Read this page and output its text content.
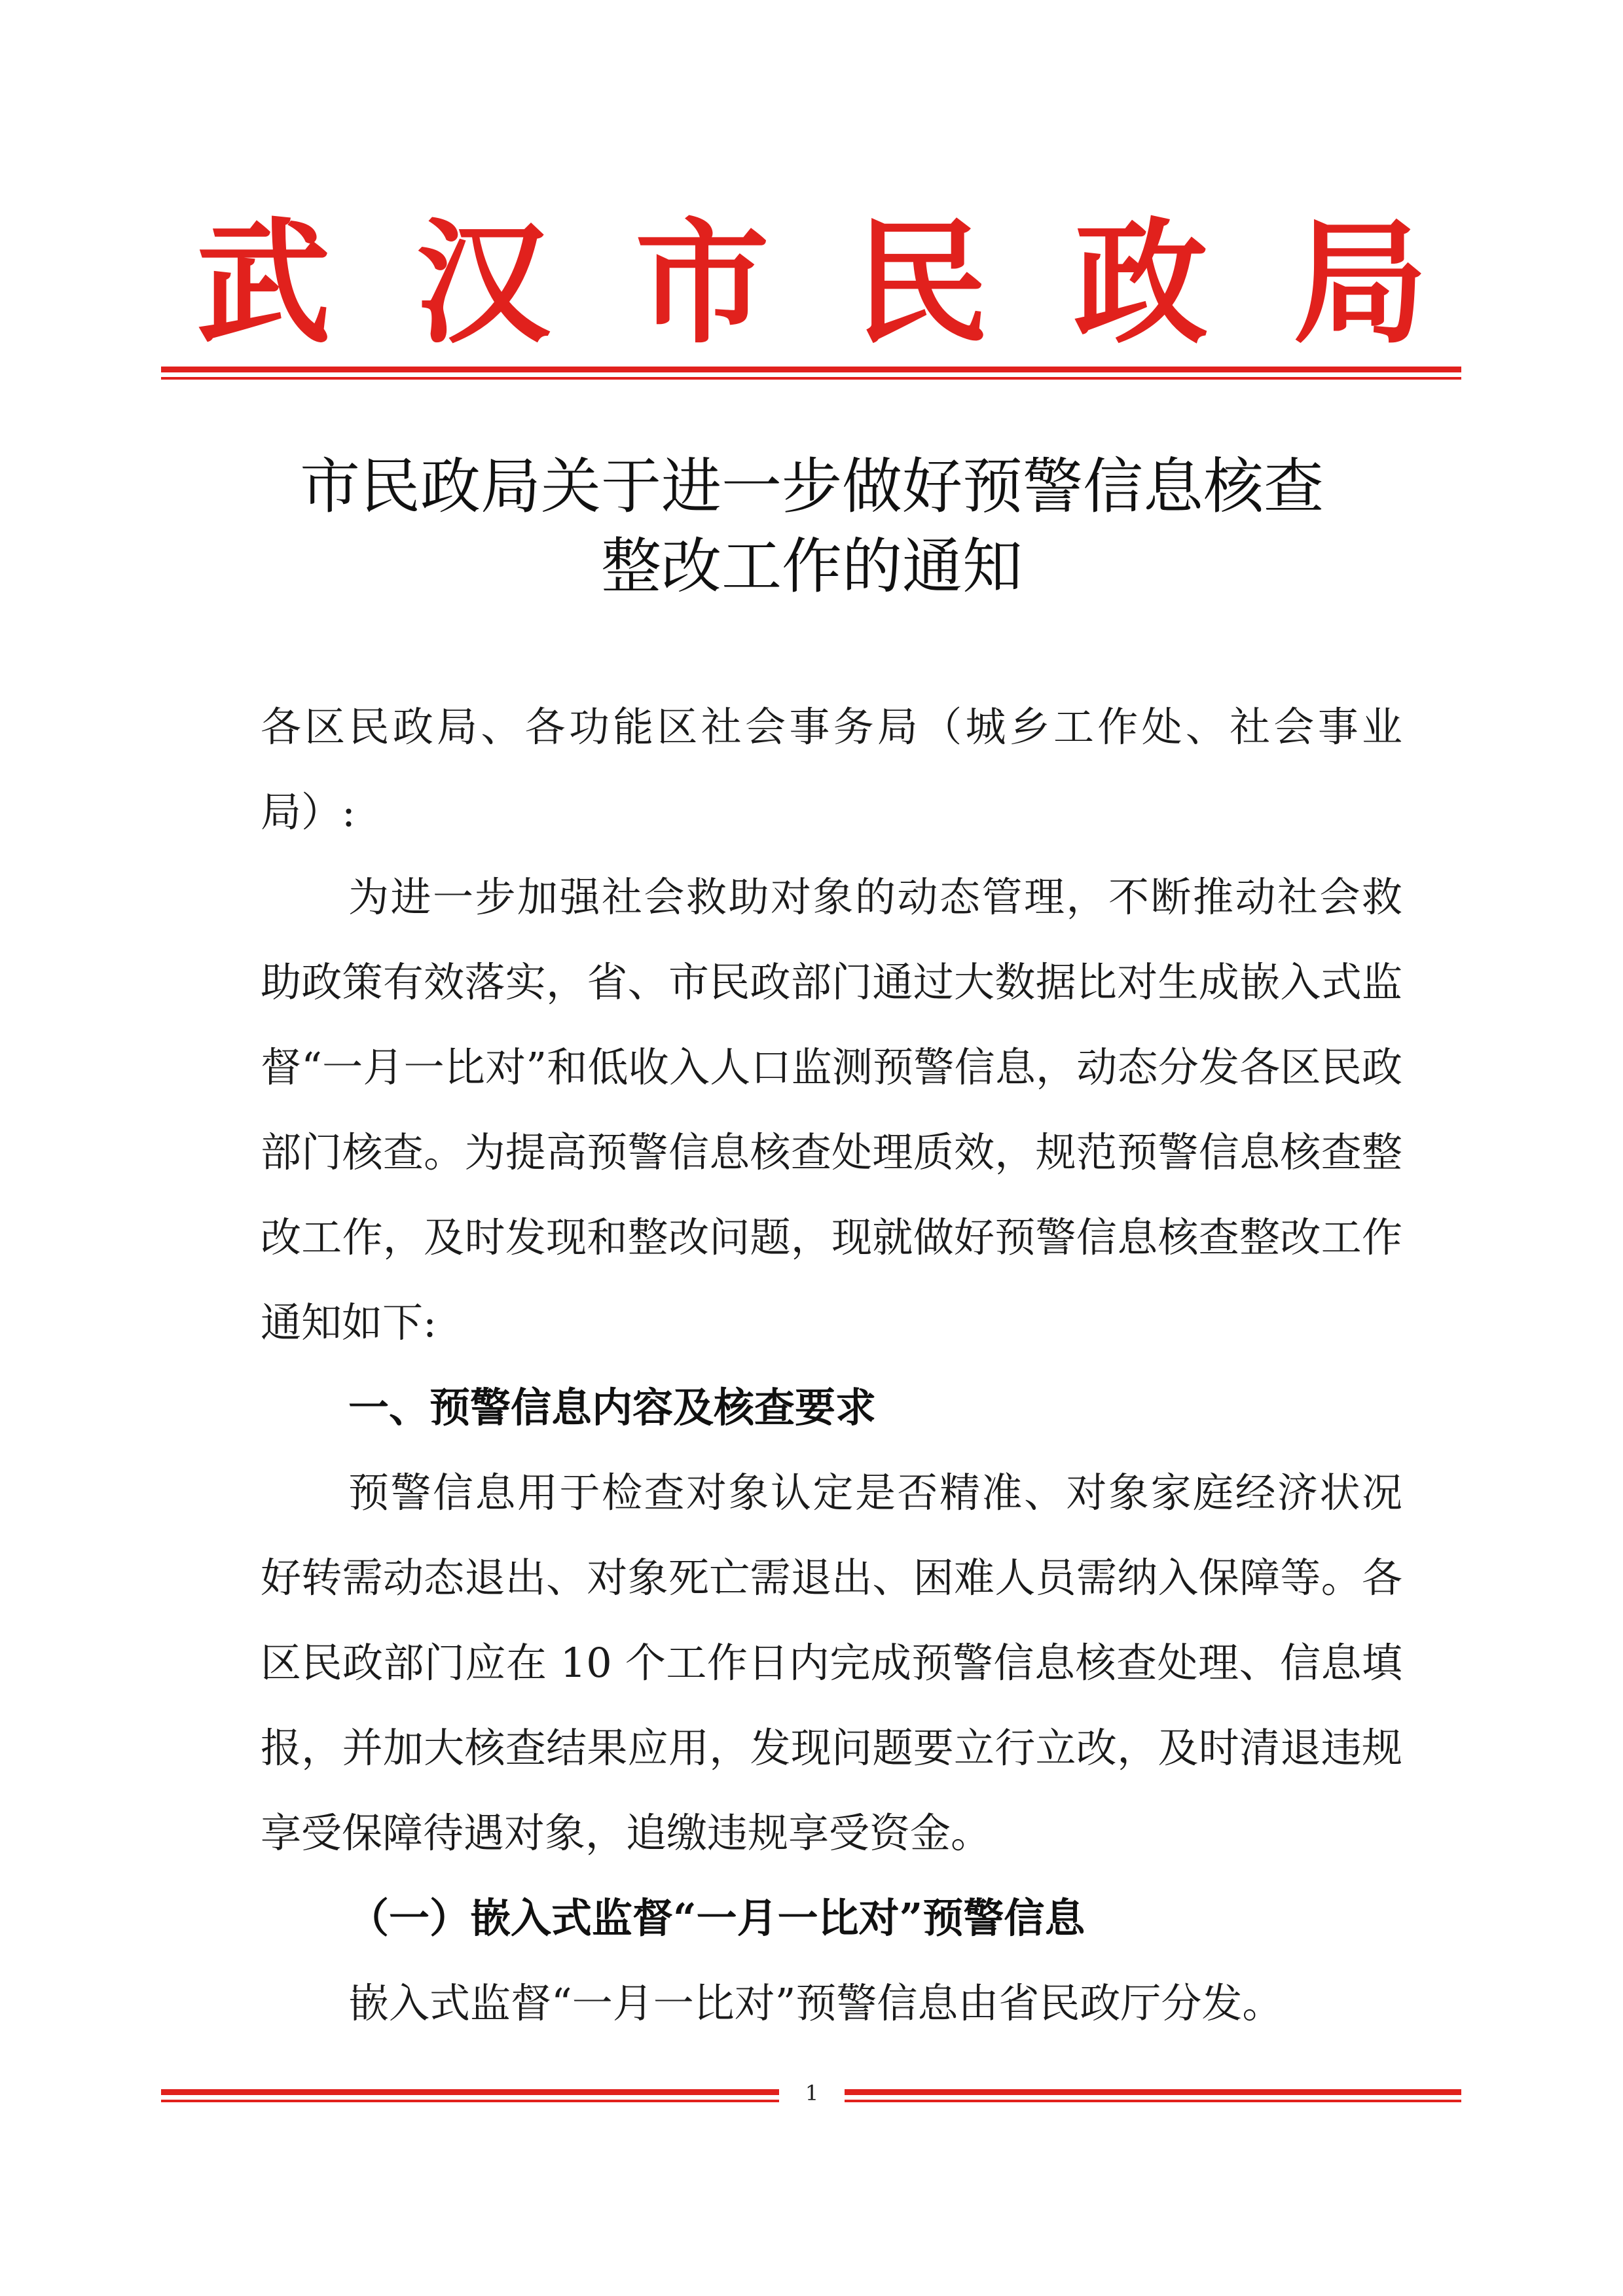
武 汉 市 民 政 局
市民政局关于进一步做好预警信息核查
整改工作的通知

各区民政局、各功能区社会事务局（城乡工作处、社会事业局）:

为进一步加强社会救助对象的动态管理，不断推动社会救助政策有效落实，省、市民政部门通过大数据比对生成嵌入式监督“一月一比对”和低收入人口监测预警信息，动态分发各区民政部门核查。为提高预警信息核查处理质效，规范预警信息核查整改工作，及时发现和整改问题，现就做好预警信息核查整改工作通知如下:

一、预警信息内容及核查要求

预警信息用于检查对象认定是否精准、对象家庭经济状况好转需动态退出、对象死亡需退出、困难人员需纳入保障等。各区民政部门应在 10 个工作日内完成预警信息核查处理、信息填报，并加大核查结果应用，发现问题要立行立改，及时清退违规享受保障待遇对象，追缴违规享受资金。

（一）嵌入式监督“一月一比对”预警信息

嵌入式监督“一月一比对”预警信息由省民政厅分发。

1
